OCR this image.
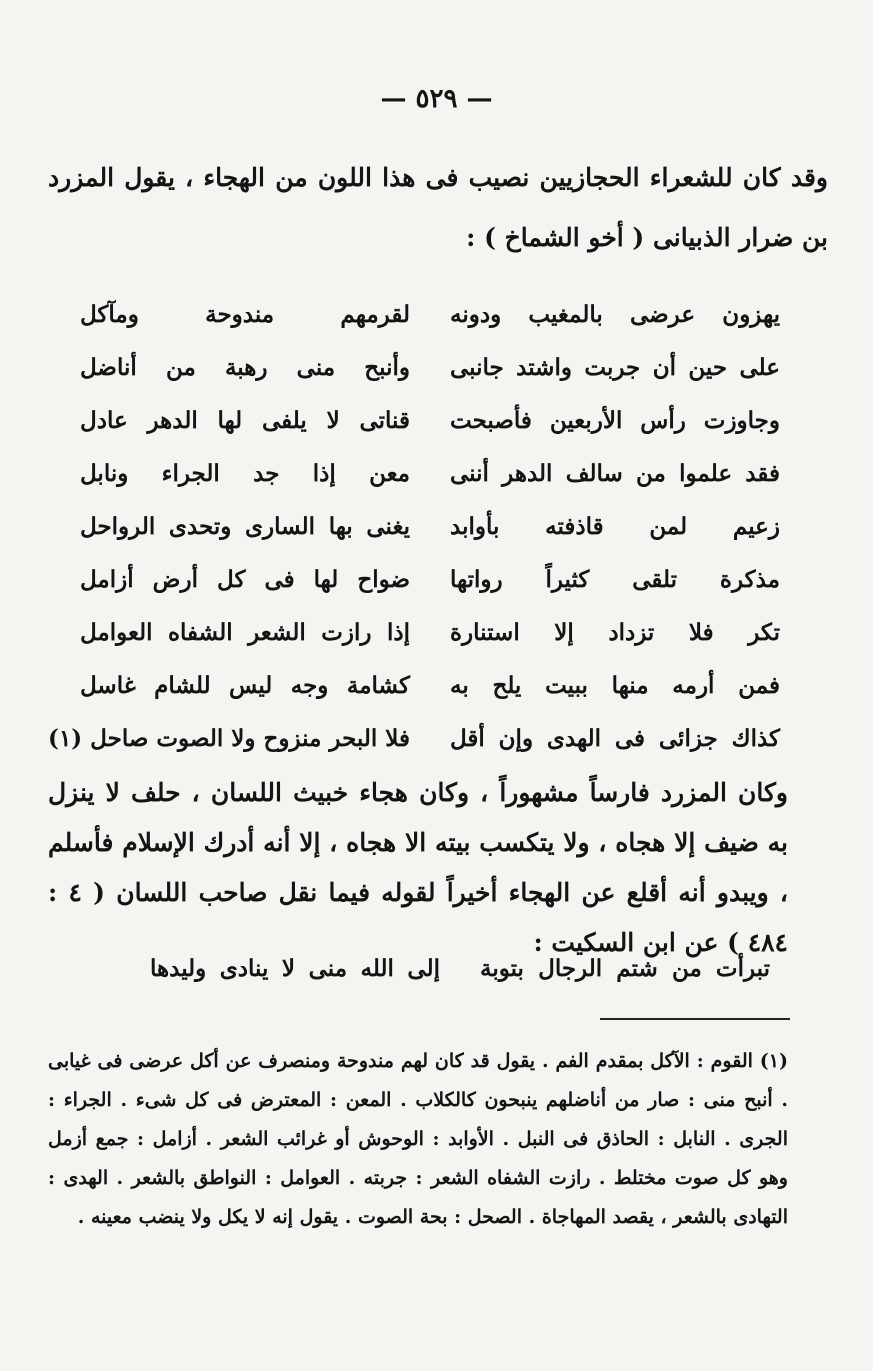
— ٥٢٩ —
وقد كان للشعراء الحجازيين نصيب فى هذا اللون من الهجاء ، يقول المزرد بن ضرار الذبيانى ( أخو الشماخ ) :
يهزون عرضى بالمغيب ودونه
لقرمهم مندوحة ومآكل
على حين أن جربت واشتد جانبى
وأنبح منى رهبة من أناضل
وجاوزت رأس الأربعين فأصبحت
قناتى لا يلفى لها الدهر عادل
فقد علموا من سالف الدهر أننى
معن إذا جد الجراء ونابل
زعيم لمن قاذفته بأوابد
يغنى بها السارى وتحدى الرواحل
مذكرة تلقى كثيراً رواتها
ضواح لها فى كل أرض أزامل
تكر فلا تزداد إلا استنارة
إذا رازت الشعر الشفاه العوامل
فمن أرمه منها ببيت يلح به
كشامة وجه ليس للشام غاسل
كذاك جزائى فى الهدى وإن أقل
فلا البحر منزوح ولا الصوت صاحل (١)
وكان المزرد فارساً مشهوراً ، وكان هجاء خبيث اللسان ، حلف لا ينزل به ضيف إلا هجاه ، ولا يتكسب بيته الا هجاه ، إلا أنه أدرك الإسلام فأسلم ، ويبدو أنه أقلع عن الهجاء أخيراً لقوله فيما نقل صاحب اللسان ( ٤ : ٤٨٤ ) عن ابن السكيت :
تبرأت من شتم الرجال بتوبة
إلى الله منى لا ينادى وليدها
(١) القوم : الآكل بمقدم الفم . يقول قد كان لهم مندوحة ومنصرف عن أكل عرضى فى غيابى . أنبح منى : صار من أناضلهم ينبحون كالكلاب . المعن : المعترض فى كل شىء . الجراء : الجرى . النابل : الحاذق فى النبل . الأوابد : الوحوش أو غرائب الشعر . أزامل : جمع أزمل وهو كل صوت مختلط . رازت الشفاه الشعر : جربته . العوامل : النواطق بالشعر . الهدى : التهادى بالشعر ، يقصد المهاجاة . الصحل : بحة الصوت . يقول إنه لا يكل ولا ينضب معينه .
